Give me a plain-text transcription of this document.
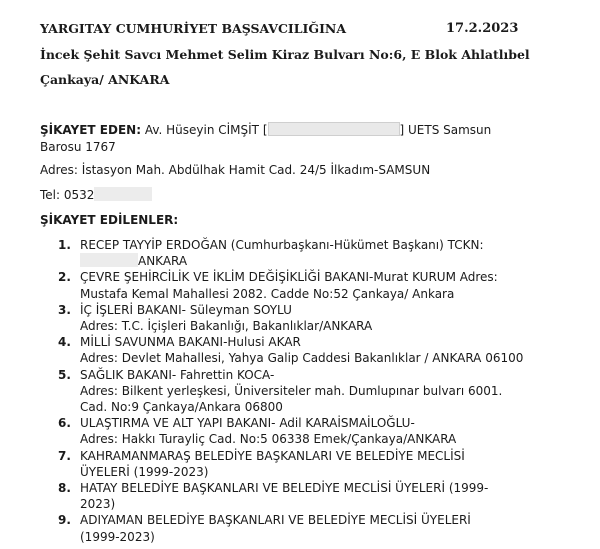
YARGITAY CUMHURİYET BAŞSAVCILIĞINA	17.2.2023
İncek Şehit Savcı Mehmet Selim Kiraz Bulvarı No:6, E Blok Ahlatlıbel
Çankaya/ ANKARA
ŞİKAYET EDEN: Av. Hüseyin CİMŞİT [	] UETS Samsun
Barosu 1767
Adres: İstasyon Mah. Abdülhak Hamit Cad. 24/5 İlkadım-SAMSUN
Tel: 0532
ŞİKAYET EDİLENLER:
1. RECEP TAYYİP ERDOĞAN (Cumhurbaşkanı-Hükümet Başkanı) TCKN:
ANKARA
2. ÇEVRE ŞEHİRCİLİK VE İKLİM DEĞİŞİKLİĞİ BAKANI-Murat KURUM Adres:
Mustafa Kemal Mahallesi 2082. Cadde No:52 Çankaya/ Ankara
3. İÇ İŞLERİ BAKANI- Süleyman SOYLU
Adres: T.C. İçişleri Bakanlığı, Bakanlıklar/ANKARA
4. MİLLİ SAVUNMA BAKANI-Hulusi AKAR
Adres: Devlet Mahallesi, Yahya Galip Caddesi Bakanlıklar / ANKARA 06100
5. SAĞLIK BAKANI- Fahrettin KOCA-
Adres: Bilkent yerleşkesi, Üniversiteler mah. Dumlupınar bulvarı 6001.
Cad. No:9 Çankaya/Ankara 06800
6. ULAŞTIRMA VE ALT YAPI BAKANI- Adil KARAİSMAİLOĞLU-
Adres: Hakkı Turayliç Cad. No:5 06338 Emek/Çankaya/ANKARA
7. KAHRAMANMARAŞ BELEDİYE BAŞKANLARI VE BELEDİYE MECLİSİ
ÜYELERİ (1999-2023)
8. HATAY BELEDİYE BAŞKANLARI VE BELEDİYE MECLİSİ ÜYELERİ (1999-
2023)
9. ADIYAMAN BELEDİYE BAŞKANLARI VE BELEDİYE MECLİSİ ÜYELERİ
(1999-2023)
